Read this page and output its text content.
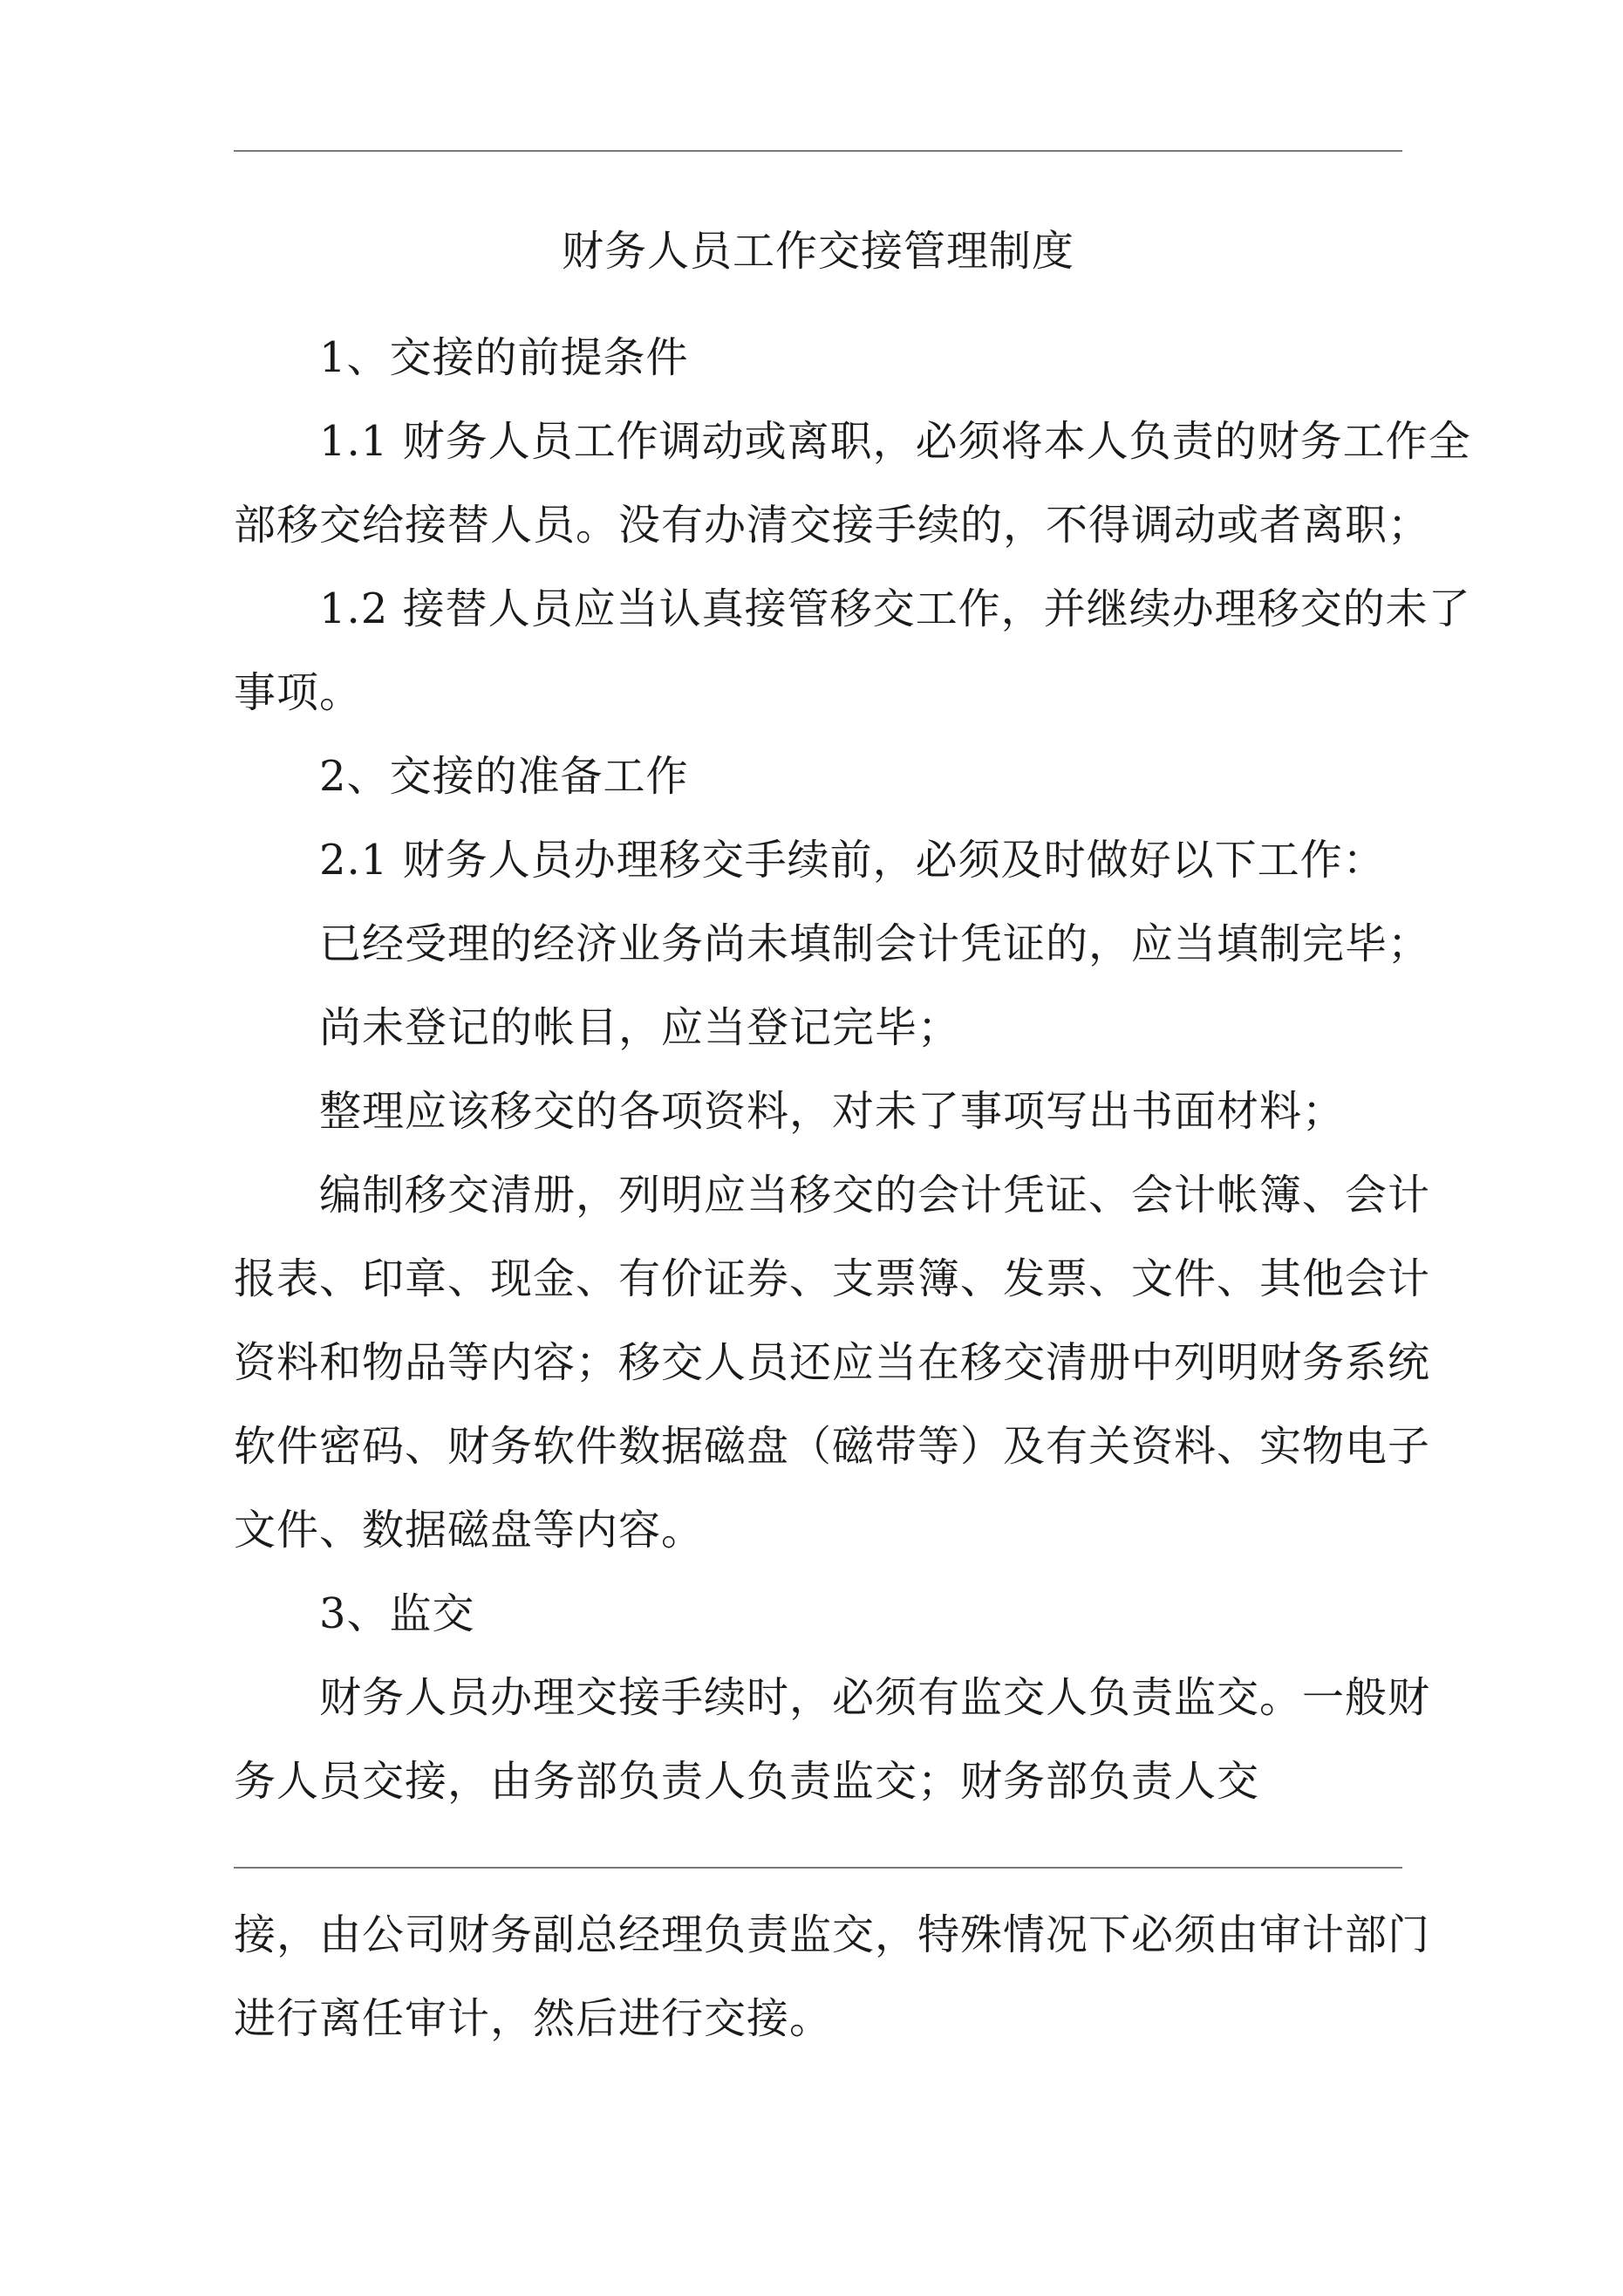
财务人员工作交接管理制度
1、交接的前提条件
1.1 财务人员工作调动或离职，必须将本人负责的财务工作全
部移交给接替人员。没有办清交接手续的，不得调动或者离职；
1.2 接替人员应当认真接管移交工作，并继续办理移交的未了
事项。
2、交接的准备工作
2.1 财务人员办理移交手续前，必须及时做好以下工作：
已经受理的经济业务尚未填制会计凭证的，应当填制完毕；
尚未登记的帐目，应当登记完毕；
整理应该移交的各项资料，对未了事项写出书面材料；
编制移交清册，列明应当移交的会计凭证、会计帐簿、会计
报表、印章、现金、有价证券、支票簿、发票、文件、其他会计
资料和物品等内容；移交人员还应当在移交清册中列明财务系统
软件密码、财务软件数据磁盘（磁带等）及有关资料、实物电子
文件、数据磁盘等内容。
3、监交
财务人员办理交接手续时，必须有监交人负责监交。一般财
务人员交接，由务部负责人负责监交；财务部负责人交
接，由公司财务副总经理负责监交，特殊情况下必须由审计部门
进行离任审计，然后进行交接。
